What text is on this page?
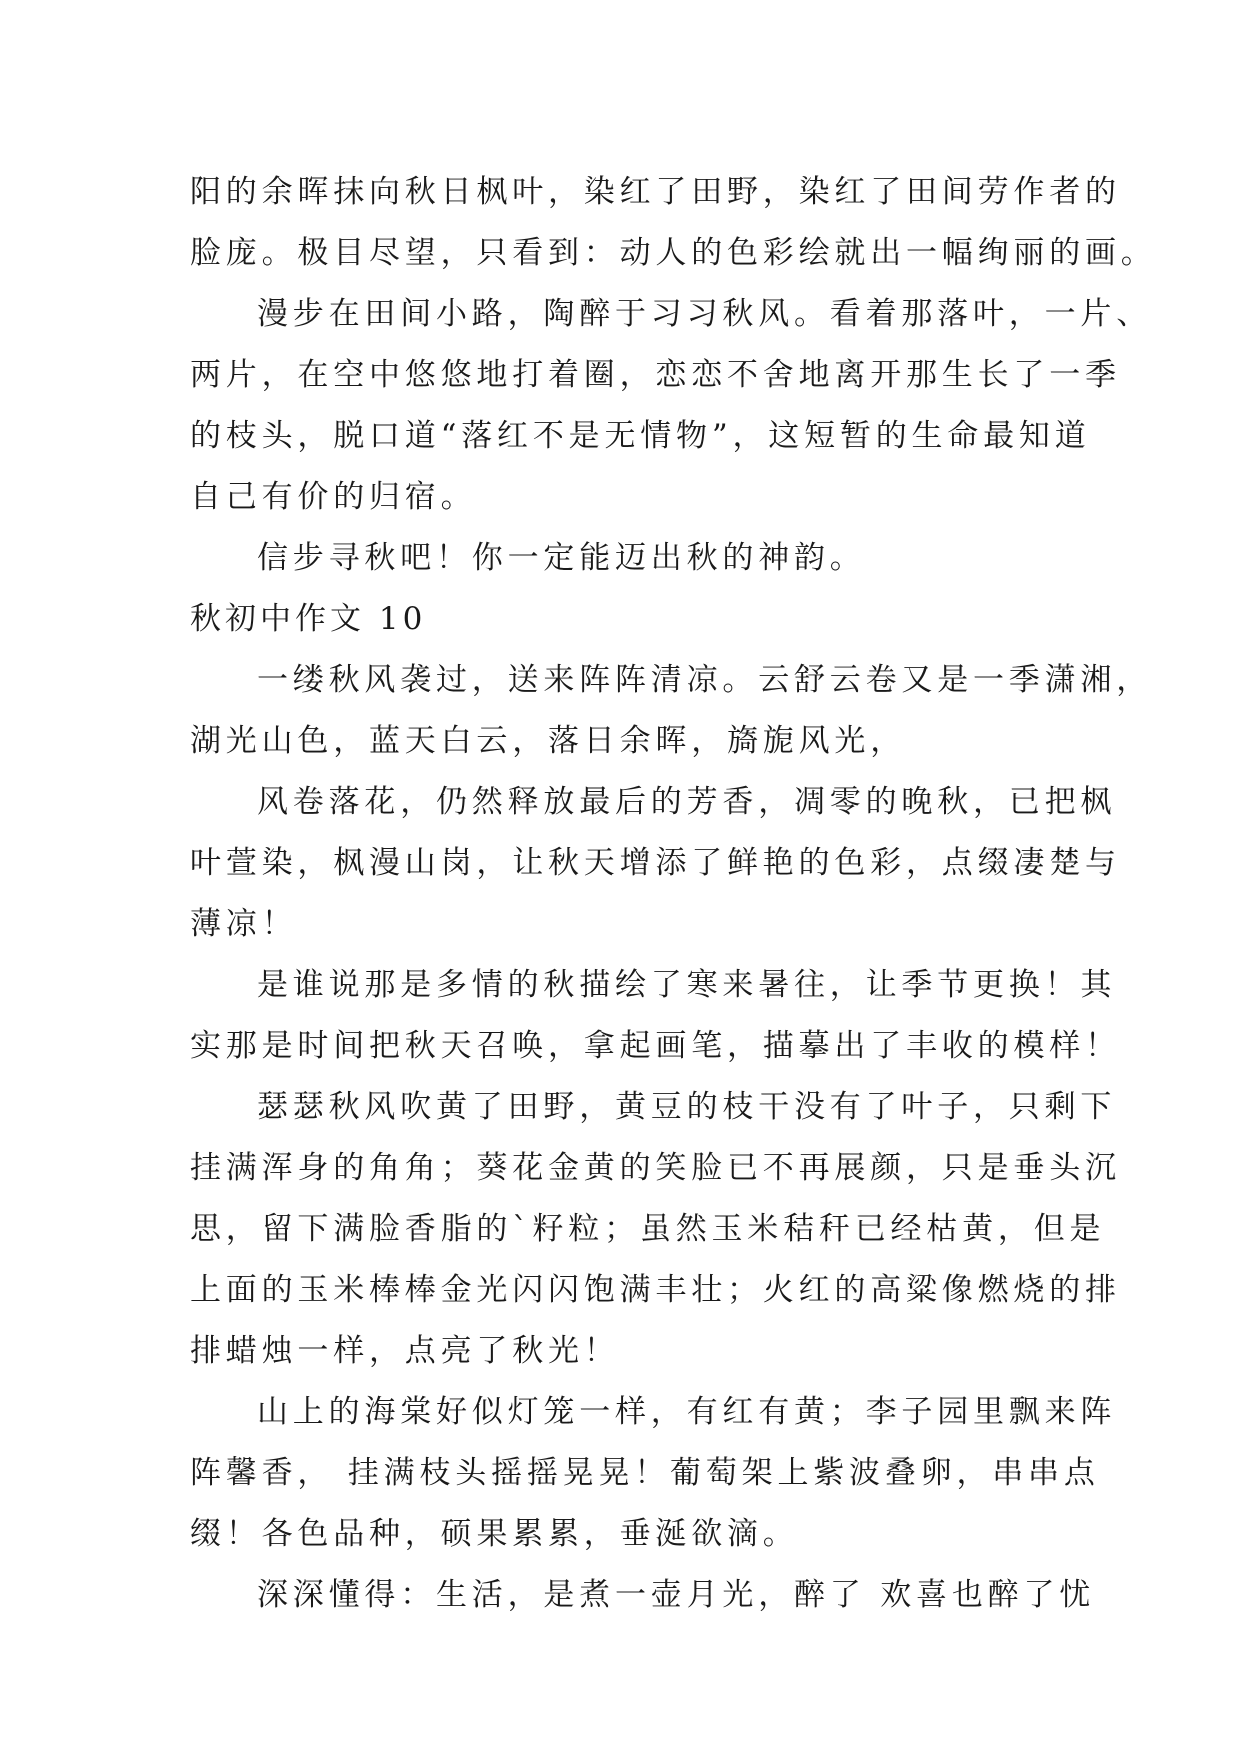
阳的余晖抹向秋日枫叶，染红了田野，染红了田间劳作者的
脸庞。极目尽望，只看到：动人的色彩绘就出一幅绚丽的画。
漫步在田间小路，陶醉于习习秋风。看着那落叶，一片、
两片，在空中悠悠地打着圈，恋恋不舍地离开那生长了一季
的枝头，脱口道“落红不是无情物”，这短暂的生命最知道
自己有价的归宿。
信步寻秋吧！你一定能迈出秋的神韵。
秋初中作文 10
一缕秋风袭过，送来阵阵清凉。云舒云卷又是一季潇湘，
湖光山色，蓝天白云，落日余晖，旖旎风光，
风卷落花，仍然释放最后的芳香，凋零的晚秋，已把枫
叶萱染，枫漫山岗，让秋天增添了鲜艳的色彩，点缀凄楚与
薄凉！
是谁说那是多情的秋描绘了寒来暑往，让季节更换！其
实那是时间把秋天召唤，拿起画笔，描摹出了丰收的模样！
瑟瑟秋风吹黄了田野，黄豆的枝干没有了叶子，只剩下
挂满浑身的角角；葵花金黄的笑脸已不再展颜，只是垂头沉
思，留下满脸香脂的`籽粒；虽然玉米秸秆已经枯黄，但是
上面的玉米棒棒金光闪闪饱满丰壮；火红的高粱像燃烧的排
排蜡烛一样，点亮了秋光！
山上的海棠好似灯笼一样，有红有黄；李子园里飘来阵
阵馨香， 挂满枝头摇摇晃晃！葡萄架上紫波叠卵，串串点
缀！各色品种，硕果累累，垂涎欲滴。
深深懂得：生活，是煮一壶月光，醉了 欢喜也醉了忧
